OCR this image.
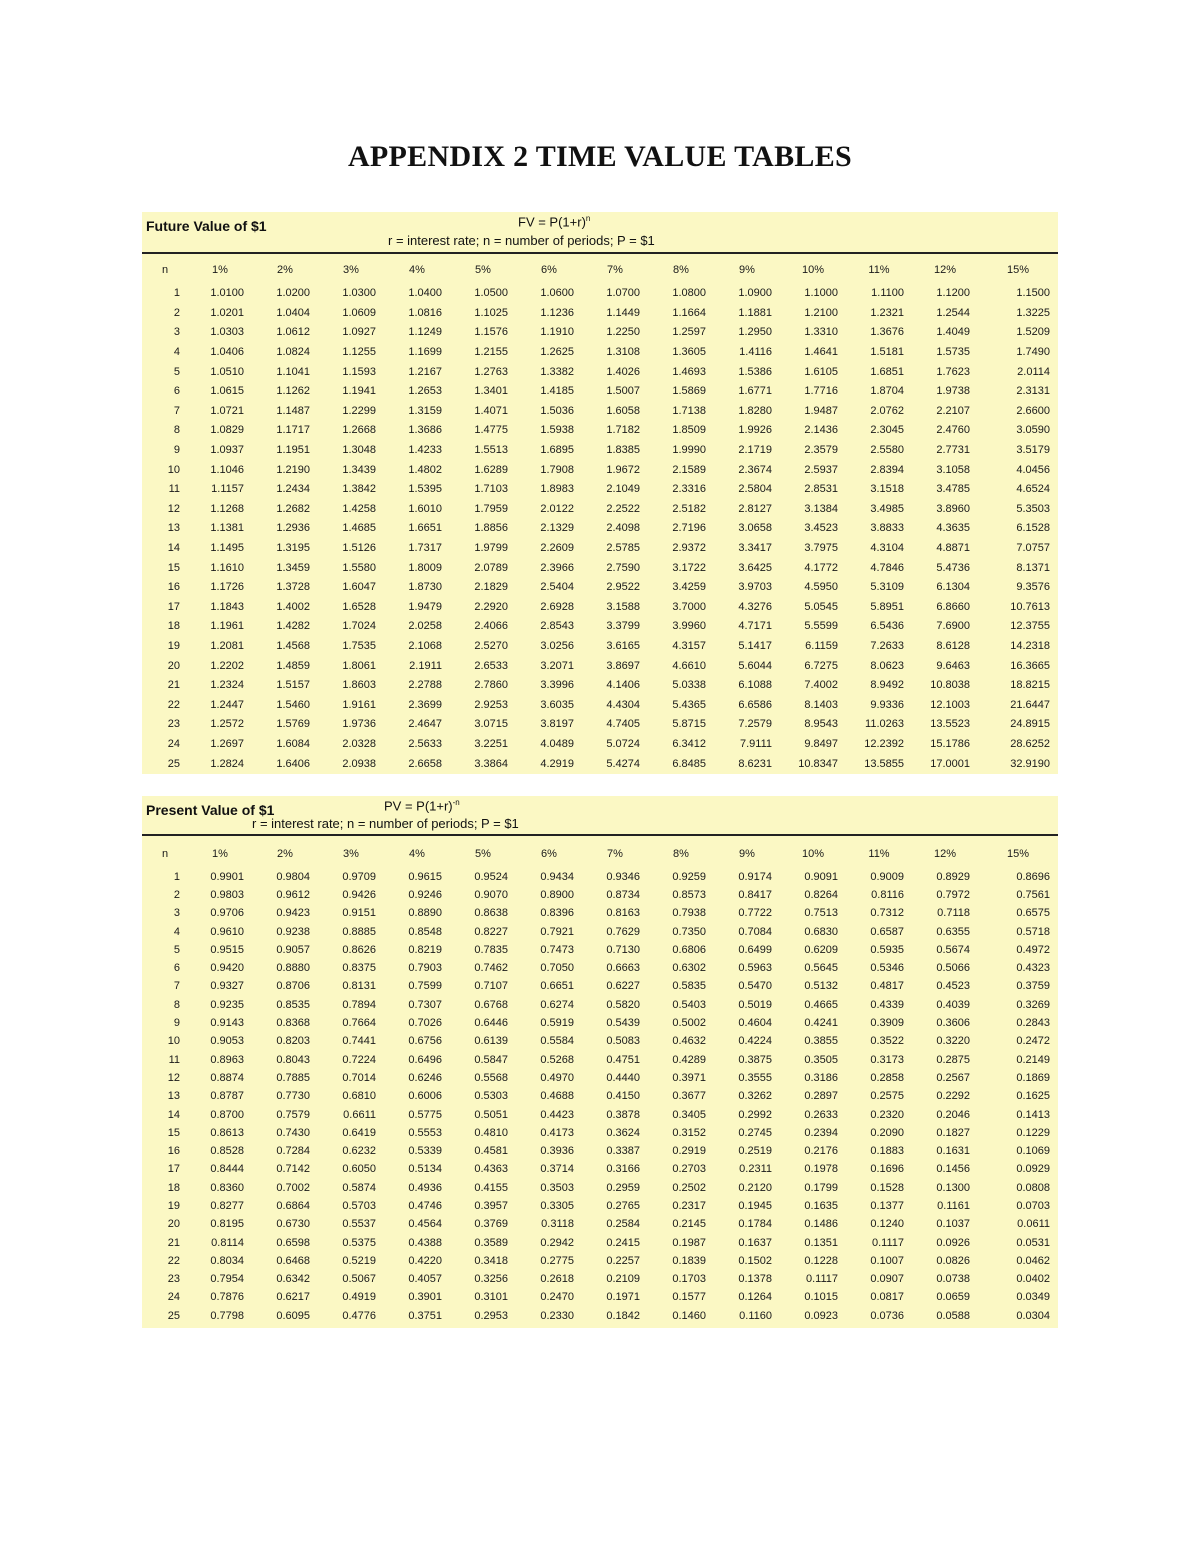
APPENDIX 2 TIME VALUE TABLES
Future Value of $1	FV = $P(1+r)^n$
r = interest rate; n = number of periods; P = $1
n	1%	2%	3%	4%	5%	6%	7%	8%	9%	10%	11%	12%	15%
1	1.0100	1.0200	1.0300	1.0400	1.0500	1.0600	1.0700	1.0800	1.0900	1.1000	1.1100	1.1200	1.1500
2	1.0201	1.0404	1.0609	1.0816	1.1025	1.1236	1.1449	1.1664	1.1881	1.2100	1.2321	1.2544	1.3225
3	1.0303	1.0612	1.0927	1.1249	1.1576	1.1910	1.2250	1.2597	1.2950	1.3310	1.3676	1.4049	1.5209
4	1.0406	1.0824	1.1255	1.1699	1.2155	1.2625	1.3108	1.3605	1.4116	1.4641	1.5181	1.5735	1.7490
5	1.0510	1.1041	1.1593	1.2167	1.2763	1.3382	1.4026	1.4693	1.5386	1.6105	1.6851	1.7623	2.0114
6	1.0615	1.1262	1.1941	1.2653	1.3401	1.4185	1.5007	1.5869	1.6771	1.7716	1.8704	1.9738	2.3131
7	1.0721	1.1487	1.2299	1.3159	1.4071	1.5036	1.6058	1.7138	1.8280	1.9487	2.0762	2.2107	2.6600
8	1.0829	1.1717	1.2668	1.3686	1.4775	1.5938	1.7182	1.8509	1.9926	2.1436	2.3045	2.4760	3.0590
9	1.0937	1.1951	1.3048	1.4233	1.5513	1.6895	1.8385	1.9990	2.1719	2.3579	2.5580	2.7731	3.5179
10	1.1046	1.2190	1.3439	1.4802	1.6289	1.7908	1.9672	2.1589	2.3674	2.5937	2.8394	3.1058	4.0456
11	1.1157	1.2434	1.3842	1.5395	1.7103	1.8983	2.1049	2.3316	2.5804	2.8531	3.1518	3.4785	4.6524
12	1.1268	1.2682	1.4258	1.6010	1.7959	2.0122	2.2522	2.5182	2.8127	3.1384	3.4985	3.8960	5.3503
13	1.1381	1.2936	1.4685	1.6651	1.8856	2.1329	2.4098	2.7196	3.0658	3.4523	3.8833	4.3635	6.1528
14	1.1495	1.3195	1.5126	1.7317	1.9799	2.2609	2.5785	2.9372	3.3417	3.7975	4.3104	4.8871	7.0757
15	1.1610	1.3459	1.5580	1.8009	2.0789	2.3966	2.7590	3.1722	3.6425	4.1772	4.7846	5.4736	8.1371
16	1.1726	1.3728	1.6047	1.8730	2.1829	2.5404	2.9522	3.4259	3.9703	4.5950	5.3109	6.1304	9.3576
17	1.1843	1.4002	1.6528	1.9479	2.2920	2.6928	3.1588	3.7000	4.3276	5.0545	5.8951	6.8660	10.7613
18	1.1961	1.4282	1.7024	2.0258	2.4066	2.8543	3.3799	3.9960	4.7171	5.5599	6.5436	7.6900	12.3755
19	1.2081	1.4568	1.7535	2.1068	2.5270	3.0256	3.6165	4.3157	5.1417	6.1159	7.2633	8.6128	14.2318
20	1.2202	1.4859	1.8061	2.1911	2.6533	3.2071	3.8697	4.6610	5.6044	6.7275	8.0623	9.6463	16.3665
21	1.2324	1.5157	1.8603	2.2788	2.7860	3.3996	4.1406	5.0338	6.1088	7.4002	8.9492	10.8038	18.8215
22	1.2447	1.5460	1.9161	2.3699	2.9253	3.6035	4.4304	5.4365	6.6586	8.1403	9.9336	12.1003	21.6447
23	1.2572	1.5769	1.9736	2.4647	3.0715	3.8197	4.7405	5.8715	7.2579	8.9543	11.0263	13.5523	24.8915
24	1.2697	1.6084	2.0328	2.5633	3.2251	4.0489	5.0724	6.3412	7.9111	9.8497	12.2392	15.1786	28.6252
25	1.2824	1.6406	2.0938	2.6658	3.3864	4.2919	5.4274	6.8485	8.6231	10.8347	13.5855	17.0001	32.9190
Present Value of $1	PV = $P(1+r)^{-n}$
r = interest rate; n = number of periods; P = $1
n	1%	2%	3%	4%	5%	6%	7%	8%	9%	10%	11%	12%	15%
1	0.9901	0.9804	0.9709	0.9615	0.9524	0.9434	0.9346	0.9259	0.9174	0.9091	0.9009	0.8929	0.8696
2	0.9803	0.9612	0.9426	0.9246	0.9070	0.8900	0.8734	0.8573	0.8417	0.8264	0.8116	0.7972	0.7561
3	0.9706	0.9423	0.9151	0.8890	0.8638	0.8396	0.8163	0.7938	0.7722	0.7513	0.7312	0.7118	0.6575
4	0.9610	0.9238	0.8885	0.8548	0.8227	0.7921	0.7629	0.7350	0.7084	0.6830	0.6587	0.6355	0.5718
5	0.9515	0.9057	0.8626	0.8219	0.7835	0.7473	0.7130	0.6806	0.6499	0.6209	0.5935	0.5674	0.4972
6	0.9420	0.8880	0.8375	0.7903	0.7462	0.7050	0.6663	0.6302	0.5963	0.5645	0.5346	0.5066	0.4323
7	0.9327	0.8706	0.8131	0.7599	0.7107	0.6651	0.6227	0.5835	0.5470	0.5132	0.4817	0.4523	0.3759
8	0.9235	0.8535	0.7894	0.7307	0.6768	0.6274	0.5820	0.5403	0.5019	0.4665	0.4339	0.4039	0.3269
9	0.9143	0.8368	0.7664	0.7026	0.6446	0.5919	0.5439	0.5002	0.4604	0.4241	0.3909	0.3606	0.2843
10	0.9053	0.8203	0.7441	0.6756	0.6139	0.5584	0.5083	0.4632	0.4224	0.3855	0.3522	0.3220	0.2472
11	0.8963	0.8043	0.7224	0.6496	0.5847	0.5268	0.4751	0.4289	0.3875	0.3505	0.3173	0.2875	0.2149
12	0.8874	0.7885	0.7014	0.6246	0.5568	0.4970	0.4440	0.3971	0.3555	0.3186	0.2858	0.2567	0.1869
13	0.8787	0.7730	0.6810	0.6006	0.5303	0.4688	0.4150	0.3677	0.3262	0.2897	0.2575	0.2292	0.1625
14	0.8700	0.7579	0.6611	0.5775	0.5051	0.4423	0.3878	0.3405	0.2992	0.2633	0.2320	0.2046	0.1413
15	0.8613	0.7430	0.6419	0.5553	0.4810	0.4173	0.3624	0.3152	0.2745	0.2394	0.2090	0.1827	0.1229
16	0.8528	0.7284	0.6232	0.5339	0.4581	0.3936	0.3387	0.2919	0.2519	0.2176	0.1883	0.1631	0.1069
17	0.8444	0.7142	0.6050	0.5134	0.4363	0.3714	0.3166	0.2703	0.2311	0.1978	0.1696	0.1456	0.0929
18	0.8360	0.7002	0.5874	0.4936	0.4155	0.3503	0.2959	0.2502	0.2120	0.1799	0.1528	0.1300	0.0808
19	0.8277	0.6864	0.5703	0.4746	0.3957	0.3305	0.2765	0.2317	0.1945	0.1635	0.1377	0.1161	0.0703
20	0.8195	0.6730	0.5537	0.4564	0.3769	0.3118	0.2584	0.2145	0.1784	0.1486	0.1240	0.1037	0.0611
21	0.8114	0.6598	0.5375	0.4388	0.3589	0.2942	0.2415	0.1987	0.1637	0.1351	0.1117	0.0926	0.0531
22	0.8034	0.6468	0.5219	0.4220	0.3418	0.2775	0.2257	0.1839	0.1502	0.1228	0.1007	0.0826	0.0462
23	0.7954	0.6342	0.5067	0.4057	0.3256	0.2618	0.2109	0.1703	0.1378	0.1117	0.0907	0.0738	0.0402
24	0.7876	0.6217	0.4919	0.3901	0.3101	0.2470	0.1971	0.1577	0.1264	0.1015	0.0817	0.0659	0.0349
25	0.7798	0.6095	0.4776	0.3751	0.2953	0.2330	0.1842	0.1460	0.1160	0.0923	0.0736	0.0588	0.0304
